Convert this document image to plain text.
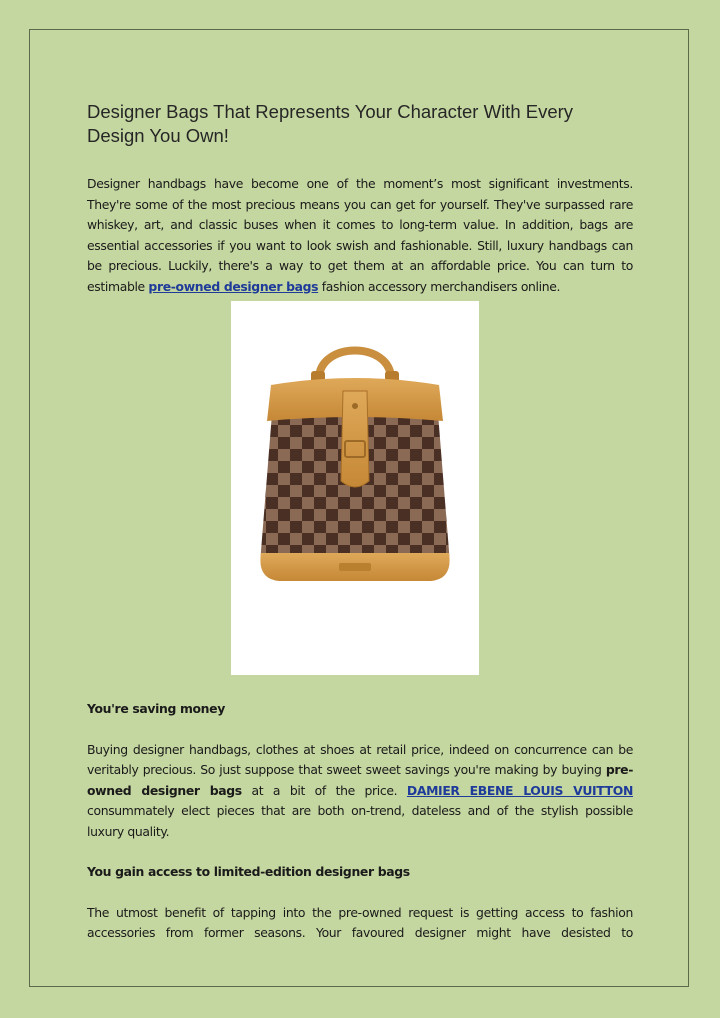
Designer Bags That Represents Your Character With Every Design You Own!

Designer handbags have become one of the moment’s most significant investments. They're some of the most precious means you can get for yourself. They've surpassed rare whiskey, art, and classic buses when it comes to long-term value. In addition, bags are essential accessories if you want to look swish and fashionable. Still, luxury handbags can be precious. Luckily, there's a way to get them at an affordable price. You can turn to estimable pre-owned designer bags fashion accessory merchandisers online.

You're saving money

Buying designer handbags, clothes at shoes at retail price, indeed on concurrence can be veritably precious. So just suppose that sweet sweet savings you're making by buying pre-owned designer bags at a bit of the price. DAMIER EBENE LOUIS VUITTON consummately elect pieces that are both on-trend, dateless and of the stylish possible luxury quality.

You gain access to limited-edition designer bags

The utmost benefit of tapping into the pre-owned request is getting access to fashion accessories from former seasons. Your favoured designer might have desisted to
